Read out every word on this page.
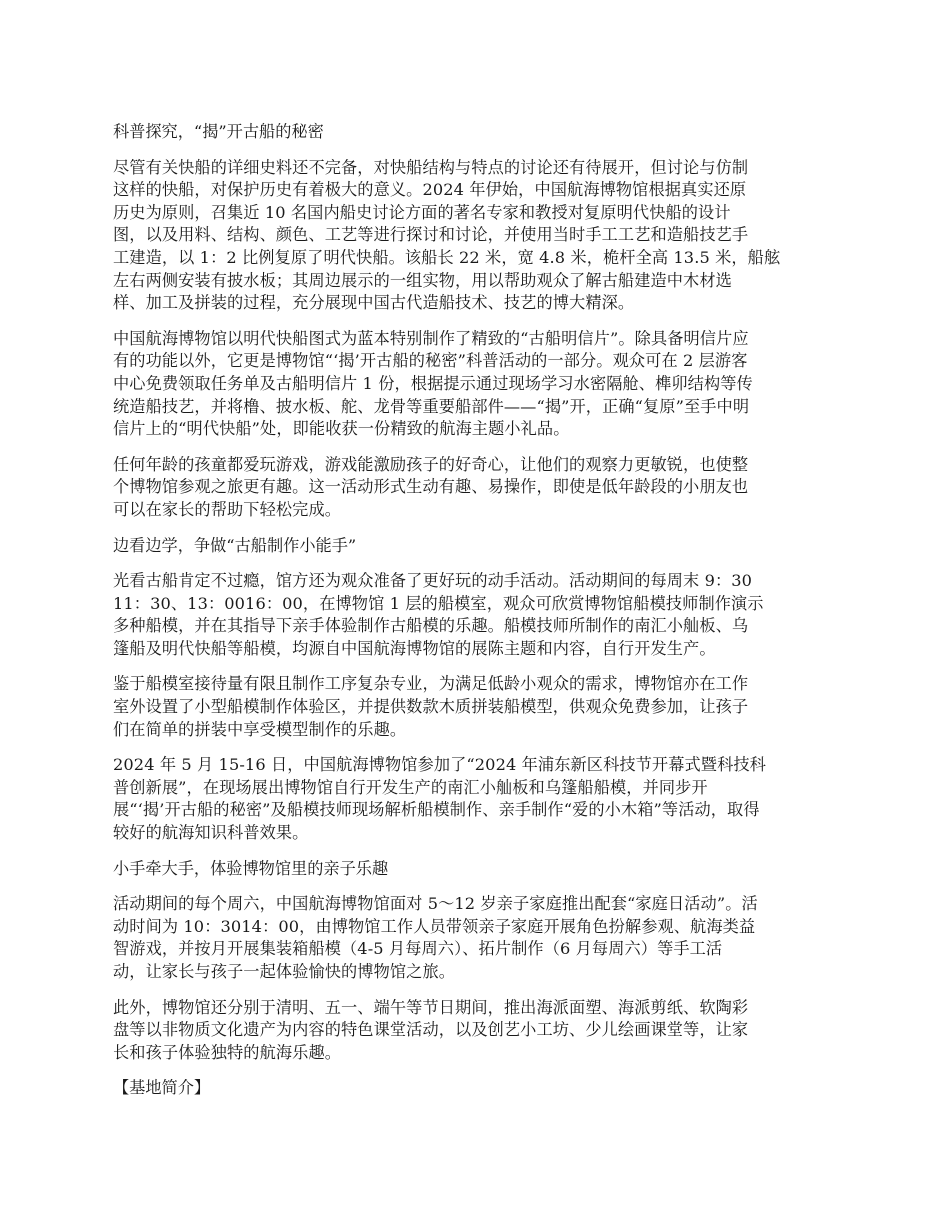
科普探究，“揭”开古船的秘密

尽管有关快船的详细史料还不完备，对快船结构与特点的讨论还有待展开，但讨论与仿制
这样的快船，对保护历史有着极大的意义。2024 年伊始，中国航海博物馆根据真实还原
历史为原则，召集近 10 名国内船史讨论方面的著名专家和教授对复原明代快船的设计
图，以及用料、结构、颜色、工艺等进行探讨和讨论，并使用当时手工工艺和造船技艺手
工建造，以 1：2 比例复原了明代快船。该船长 22 米，宽 4.8 米，桅杆全高 13.5 米，船舷
左右两侧安装有披水板；其周边展示的一组实物，用以帮助观众了解古船建造中木材选
样、加工及拼装的过程，充分展现中国古代造船技术、技艺的博大精深。

中国航海博物馆以明代快船图式为蓝本特别制作了精致的“古船明信片”。除具备明信片应
有的功能以外，它更是博物馆“‘揭’开古船的秘密”科普活动的一部分。观众可在 2 层游客
中心免费领取任务单及古船明信片 1 份，根据提示通过现场学习水密隔舱、榫卯结构等传
统造船技艺，并将橹、披水板、舵、龙骨等重要船部件——“揭”开，正确“复原”至手中明
信片上的“明代快船”处，即能收获一份精致的航海主题小礼品。

任何年龄的孩童都爱玩游戏，游戏能激励孩子的好奇心，让他们的观察力更敏锐，也使整
个博物馆参观之旅更有趣。这一活动形式生动有趣、易操作，即使是低年龄段的小朋友也
可以在家长的帮助下轻松完成。

边看边学，争做“古船制作小能手”

光看古船肯定不过瘾，馆方还为观众准备了更好玩的动手活动。活动期间的每周末 9：30
11：30、13：0016：00，在博物馆 1 层的船模室，观众可欣赏博物馆船模技师制作演示
多种船模，并在其指导下亲手体验制作古船模的乐趣。船模技师所制作的南汇小舢板、乌
篷船及明代快船等船模，均源自中国航海博物馆的展陈主题和内容，自行开发生产。

鉴于船模室接待量有限且制作工序复杂专业，为满足低龄小观众的需求，博物馆亦在工作
室外设置了小型船模制作体验区，并提供数款木质拼装船模型，供观众免费参加，让孩子
们在简单的拼装中享受模型制作的乐趣。

2024 年 5 月 15-16 日，中国航海博物馆参加了“2024 年浦东新区科技节开幕式暨科技科
普创新展”，在现场展出博物馆自行开发生产的南汇小舢板和乌篷船船模，并同步开
展“‘揭’开古船的秘密”及船模技师现场解析船模制作、亲手制作“爱的小木箱”等活动，取得
较好的航海知识科普效果。

小手牵大手，体验博物馆里的亲子乐趣

活动期间的每个周六，中国航海博物馆面对 5～12 岁亲子家庭推出配套“家庭日活动”。活
动时间为 10：3014：00，由博物馆工作人员带领亲子家庭开展角色扮解参观、航海类益
智游戏，并按月开展集装箱船模（4-5 月每周六）、拓片制作（6 月每周六）等手工活
动，让家长与孩子一起体验愉快的博物馆之旅。

此外，博物馆还分别于清明、五一、端午等节日期间，推出海派面塑、海派剪纸、软陶彩
盘等以非物质文化遗产为内容的特色课堂活动，以及创艺小工坊、少儿绘画课堂等，让家
长和孩子体验独特的航海乐趣。

【基地简介】
